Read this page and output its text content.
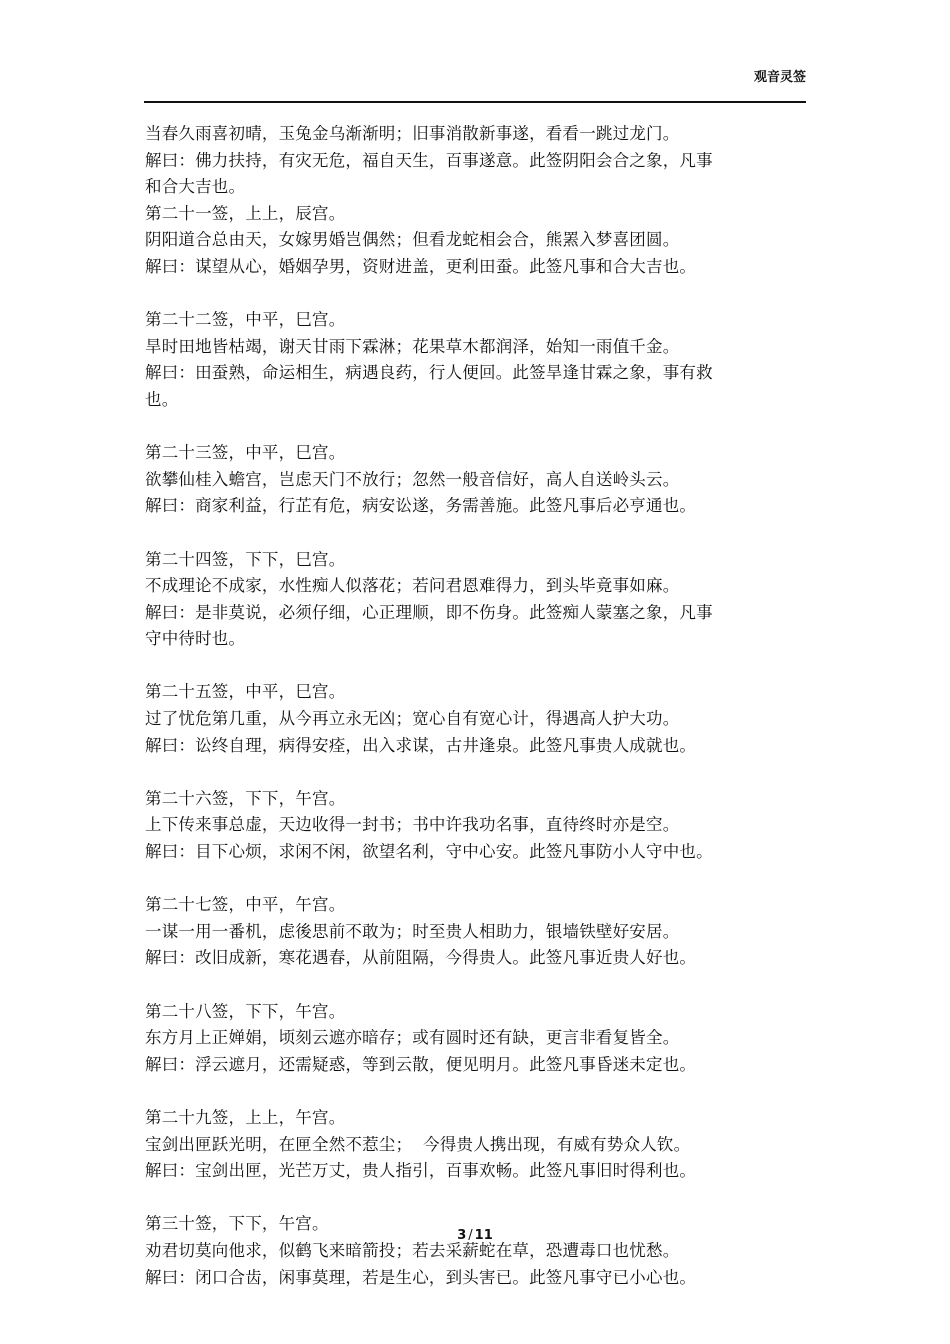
观音灵签

当春久雨喜初晴，玉兔金乌渐渐明；旧事消散新事遂，看看一跳过龙门。

解曰：佛力扶持，有灾无危，福自天生，百事遂意。此签阴阳会合之象，凡事

和合大吉也。

第二十一签，上上，辰宫。

阴阳道合总由天，女嫁男婚岂偶然；但看龙蛇相会合，熊罴入梦喜团圆。

解曰：谋望从心，婚姻孕男，资财进盖，更利田蚕。此签凡事和合大吉也。

第二十二签，中平，巳宫。

旱时田地皆枯竭，谢天甘雨下霖淋；花果草木都润泽，始知一雨值千金。

解曰：田蚕熟，命运相生，病遇良药，行人便回。此签旱逢甘霖之象，事有救

也。

第二十三签，中平，巳宫。

欲攀仙桂入蟾宫，岂虑天门不放行；忽然一般音信好，高人自送岭头云。

解曰：商家利益，行芷有危，病安讼遂，务需善施。此签凡事后必亨通也。

第二十四签，下下，巳宫。

不成理论不成家，水性痴人似落花；若问君恩难得力，到头毕竟事如麻。

解曰：是非莫说，必须仔细，心正理顺，即不伤身。此签痴人蒙塞之象，凡事

守中待时也。

第二十五签，中平，巳宫。

过了忧危第几重，从今再立永无凶；宽心自有宽心计，得遇高人护大功。

解曰：讼终自理，病得安痊，出入求谋，古井逢泉。此签凡事贵人成就也。

第二十六签，下下，午宫。

上下传来事总虚，天边收得一封书；书中许我功名事，直待终时亦是空。

解曰：目下心烦，求闲不闲，欲望名利，守中心安。此签凡事防小人守中也。

第二十七签，中平，午宫。

一谋一用一番机，虑後思前不敢为；时至贵人相助力，银墙铁壁好安居。

解曰：改旧成新，寒花遇春，从前阻隔，今得贵人。此签凡事近贵人好也。

第二十八签，下下，午宫。

东方月上正婵娟，顷刻云遮亦暗存；或有圆时还有缺，更言非看复皆全。

解曰：浮云遮月，还需疑惑，等到云散，便见明月。此签凡事昏迷未定也。

第二十九签，上上，午宫。

宝剑出匣跃光明，在匣全然不惹尘；  今得贵人携出现，有威有势众人钦。

解曰：宝剑出匣，光芒万丈，贵人指引，百事欢畅。此签凡事旧时得利也。

第三十签，下下，午宫。

劝君切莫向他求，似鹤飞来暗箭投；若去采薪蛇在草，恐遭毒口也忧愁。

解曰：闭口合齿，闲事莫理，若是生心，到头害已。此签凡事守已小心也。

3 / 11
